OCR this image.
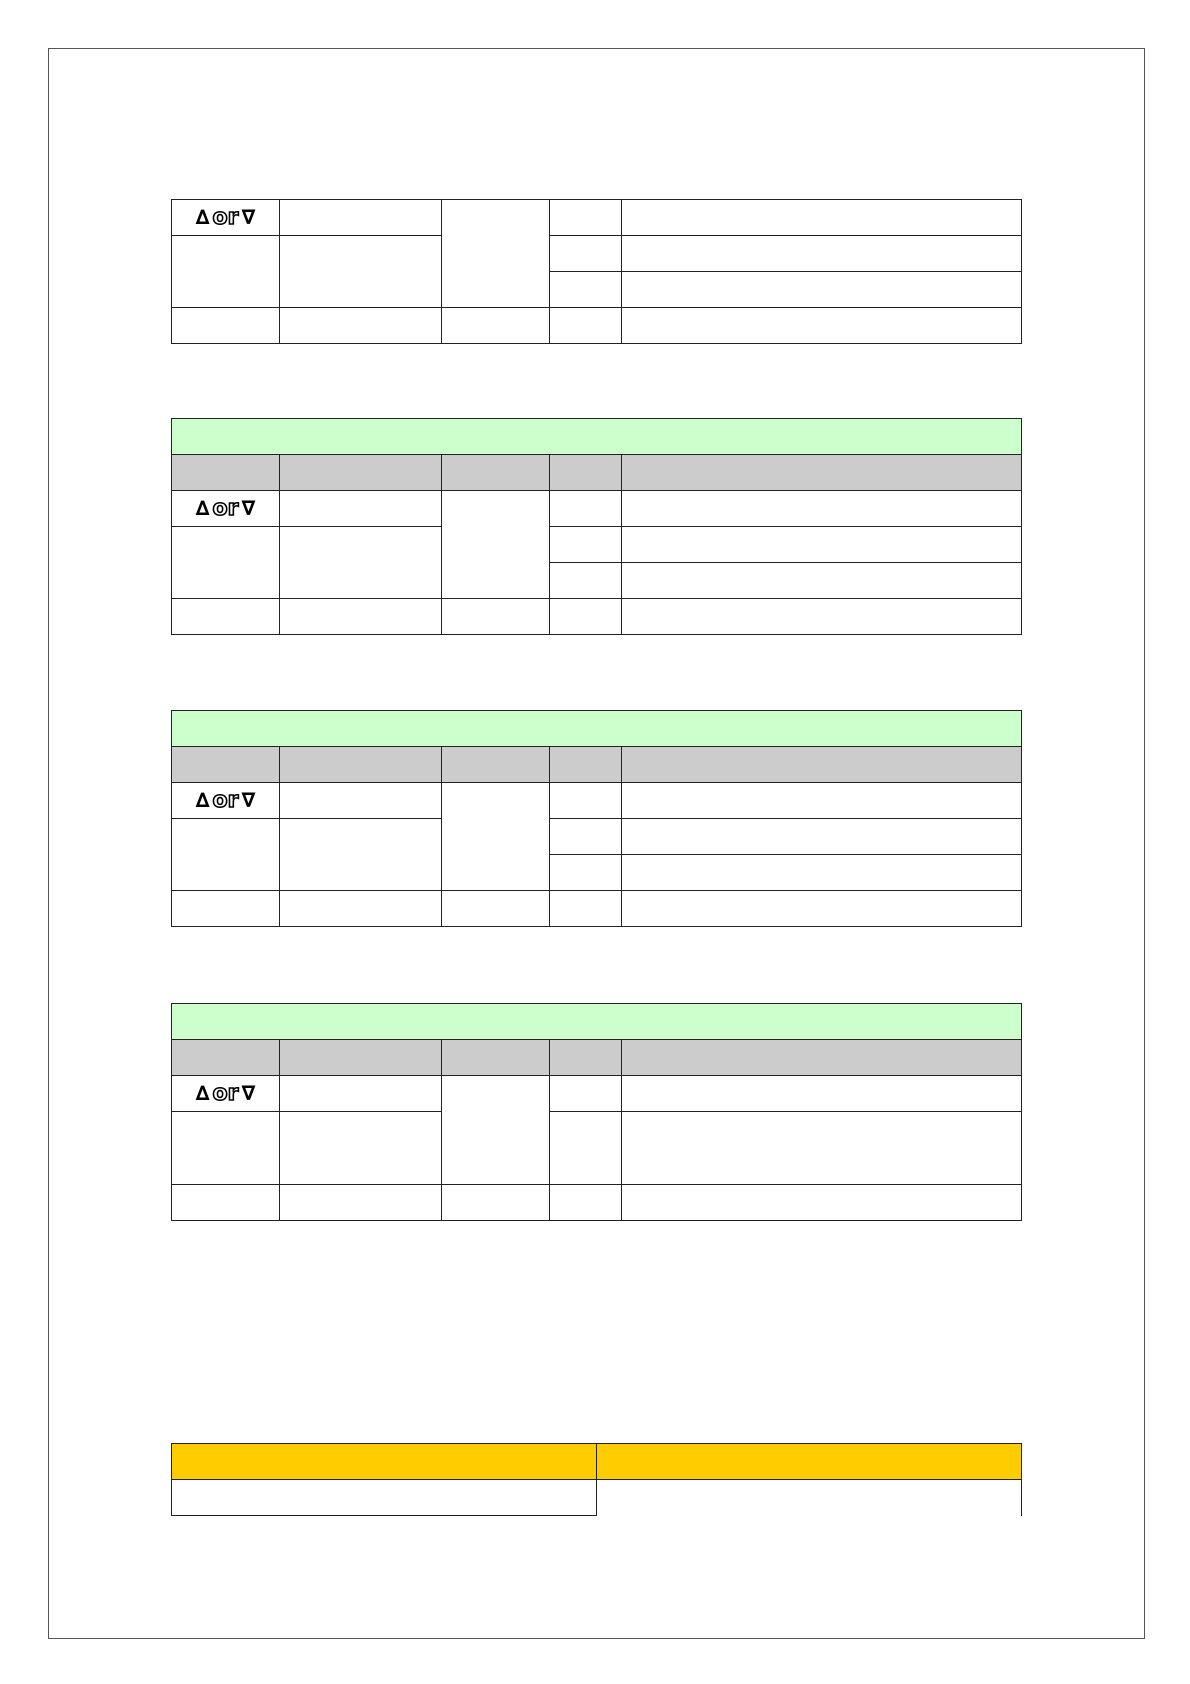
∆ or ∇				

∆ or ∇				

∆ or ∇				

∆ or ∇				
